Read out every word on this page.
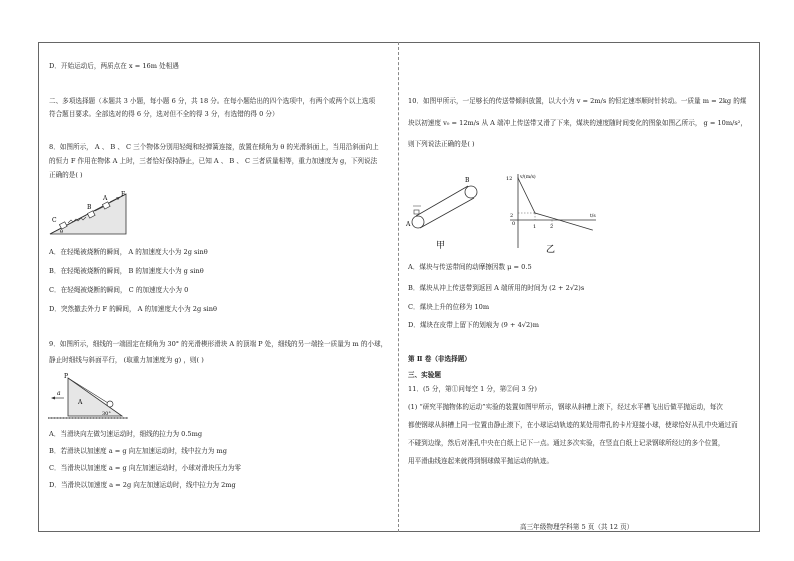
D．开始运动后，两质点在 x = 16m 处相遇
二、多项选择题（本题共 3 小题，每小题 6 分，共 18 分。在每小题给出的四个选项中，有两个或两个以上选项
符合题目要求。全部选对的得 6 分，选对但不全的得 3 分，有选错的得 0 分）
8．如图所示， A 、 B 、 C 三个物体分别用轻绳和轻弹簧连接，放置在倾角为 θ 的光滑斜面上，当用沿斜面向上
的恒力 F 作用在物体 A 上时，三者恰好保持静止，已知 A 、 B 、 C 三者质量相等，重力加速度为 g，下列说法
正确的是( )
C
B
A
F
θ
A．在轻绳被烧断的瞬间， A 的加速度大小为 2g sinθ
B．在轻绳被烧断的瞬间， B 的加速度大小为 g sinθ
C．在轻绳被烧断的瞬间， C 的加速度大小为 0
D．突然撤去外力 F 的瞬间， A 的加速度大小为 2g sinθ
9．如图所示，细线的一端固定在倾角为 30° 的光滑楔形滑块 A 的顶端 P 处，细线的另一端拴一质量为 m 的小球，
静止时细线与斜面平行， (取重力加速度为 g) ，则( )
P
a
A
30°
A．当滑块向左做匀速运动时，细线的拉力为 0.5mg
B．若滑块以加速度 a = g 向左加速运动时，线中拉力为 mg
C．当滑块以加速度 a = g 向左加速运动时，小球对滑块压力为零
D．当滑块以加速度 a = 2g 向左加速运动时，线中拉力为 2mg
10．如图甲所示，一足够长的传送带倾斜放置，以大小为 v = 2m/s 的恒定速率顺时针转动。一质量 m = 2kg 的煤
块以初速度 v₀ = 12m/s 从 A 端冲上传送带又滑了下来，煤块的速度随时间变化的图象如图乙所示， g = 10m/s²，
则下列说法正确的是( )
A
B
甲
v/(m/s)
t/s
12
2
0	1	2
乙
A．煤块与传送带间的动摩擦因数 μ = 0.5
B．煤块从冲上传送带到返回 A 端所用的时间为 (2 + 2√2)s
C．煤块上升的位移为 10m
D．煤块在皮带上留下的划痕为 (9 + 4√2)m
第 Ⅱ 卷（非选择题）
三、实验题
11．(5 分，第①问每空 1 分，第②问 3 分)
(1) “研究平抛物体的运动”实验的装置如图甲所示，钢球从斜槽上滚下，经过水平槽飞出后做平抛运动，每次
都使钢球从斜槽上同一位置由静止滚下，在小球运动轨迹的某处用带孔的卡片迎接小球，使球恰好从孔中央通过而
不碰到边缘，然后对准孔中央在白纸上记下一点。通过多次实验，在竖直白纸上记录钢球所经过的多个位置，
用平滑曲线连起来就得到钢球做平抛运动的轨迹。
高三年级物理学科第 5 页（共 12 页）
